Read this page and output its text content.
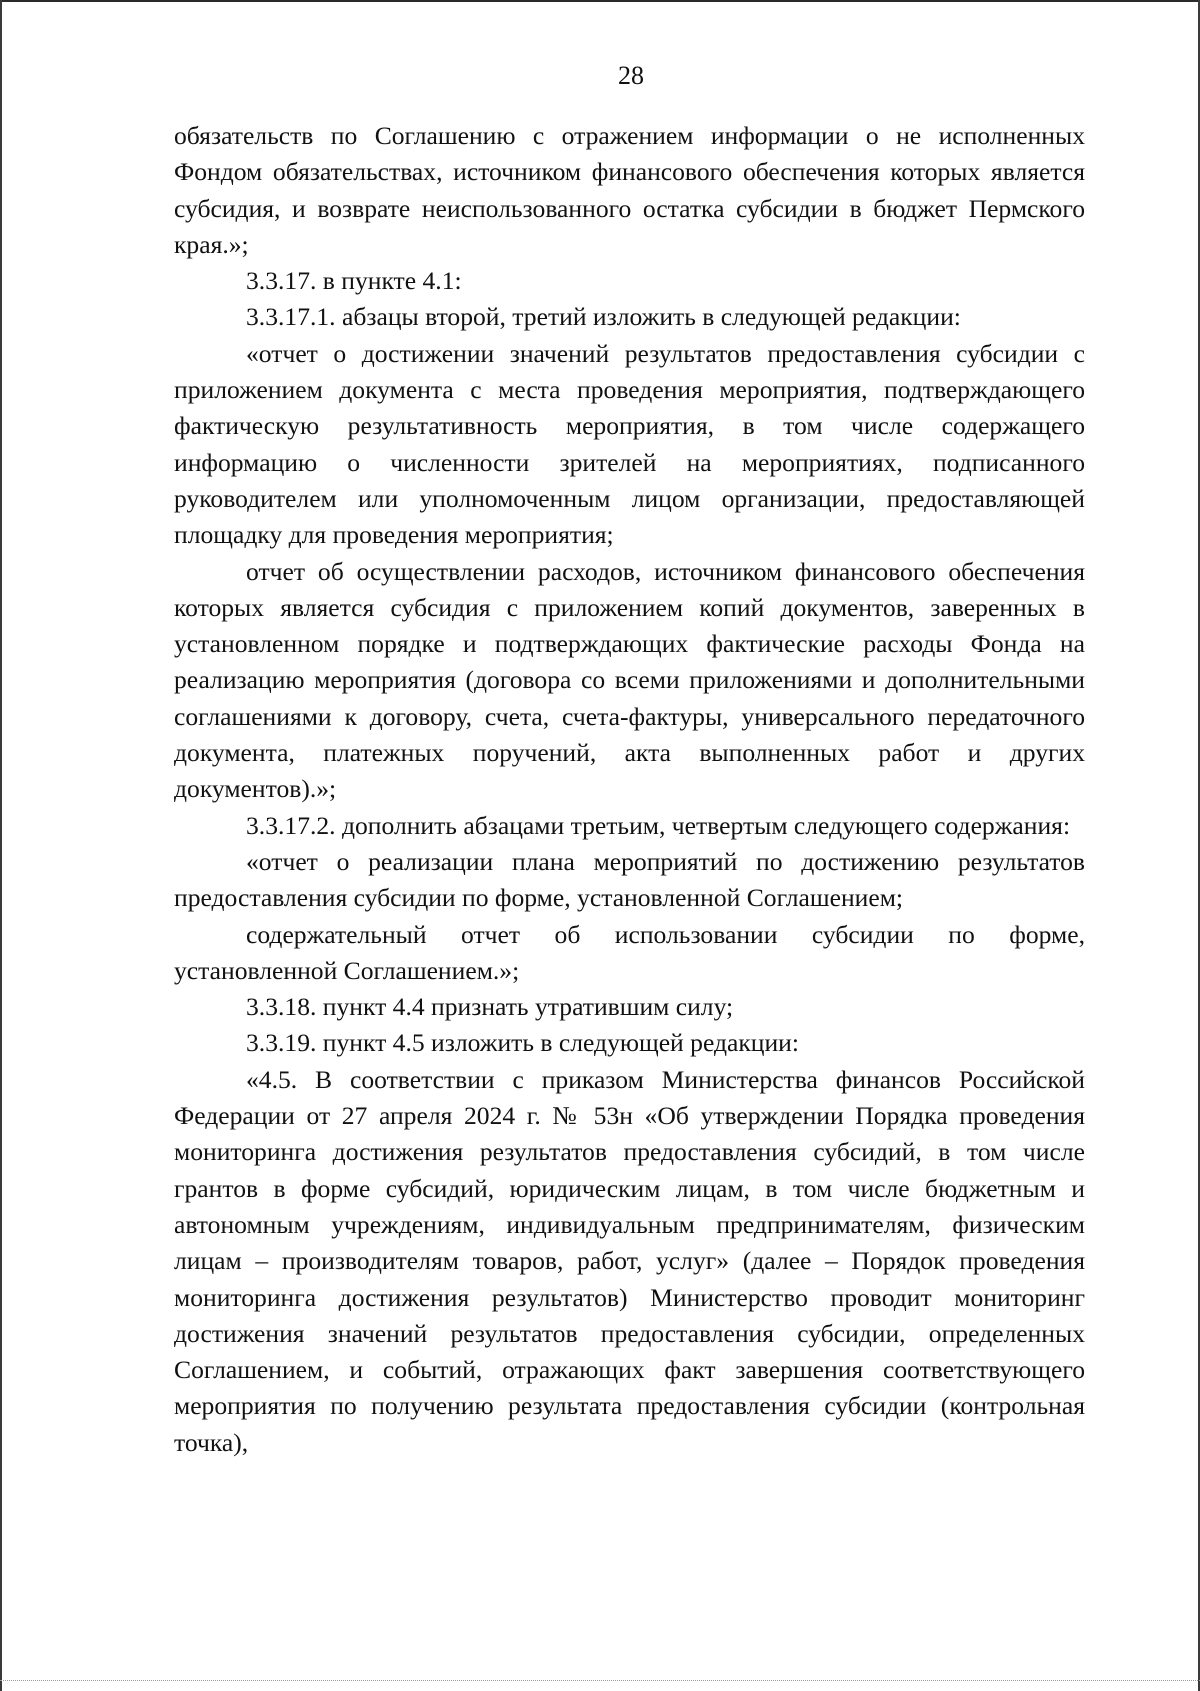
28

обязательств по Соглашению с отражением информации о не исполненных Фондом обязательствах, источником финансового обеспечения которых является субсидия, и возврате неиспользованного остатка субсидии в бюджет Пермского края.»;

3.3.17. в пункте 4.1:

3.3.17.1. абзацы второй, третий изложить в следующей редакции:

«отчет о достижении значений результатов предоставления субсидии с приложением документа с места проведения мероприятия, подтверждающего фактическую результативность мероприятия, в том числе содержащего информацию о численности зрителей на мероприятиях, подписанного руководителем или уполномоченным лицом организации, предоставляющей площадку для проведения мероприятия;

отчет об осуществлении расходов, источником финансового обеспечения которых является субсидия с приложением копий документов, заверенных в установленном порядке и подтверждающих фактические расходы Фонда на реализацию мероприятия (договора со всеми приложениями и дополнительными соглашениями к договору, счета, счета-фактуры, универсального передаточного документа, платежных поручений, акта выполненных работ и других документов).»;

3.3.17.2. дополнить абзацами третьим, четвертым следующего содержания:

«отчет о реализации плана мероприятий по достижению результатов предоставления субсидии по форме, установленной Соглашением;

содержательный отчет об использовании субсидии по форме, установленной Соглашением.»;

3.3.18. пункт 4.4 признать утратившим силу;

3.3.19. пункт 4.5 изложить в следующей редакции:

«4.5. В соответствии с приказом Министерства финансов Российской Федерации от 27 апреля 2024 г. № 53н «Об утверждении Порядка проведения мониторинга достижения результатов предоставления субсидий, в том числе грантов в форме субсидий, юридическим лицам, в том числе бюджетным и автономным учреждениям, индивидуальным предпринимателям, физическим лицам – производителям товаров, работ, услуг» (далее – Порядок проведения мониторинга достижения результатов) Министерство проводит мониторинг достижения значений результатов предоставления субсидии, определенных Соглашением, и событий, отражающих факт завершения соответствующего мероприятия по получению результата предоставления субсидии (контрольная точка),
